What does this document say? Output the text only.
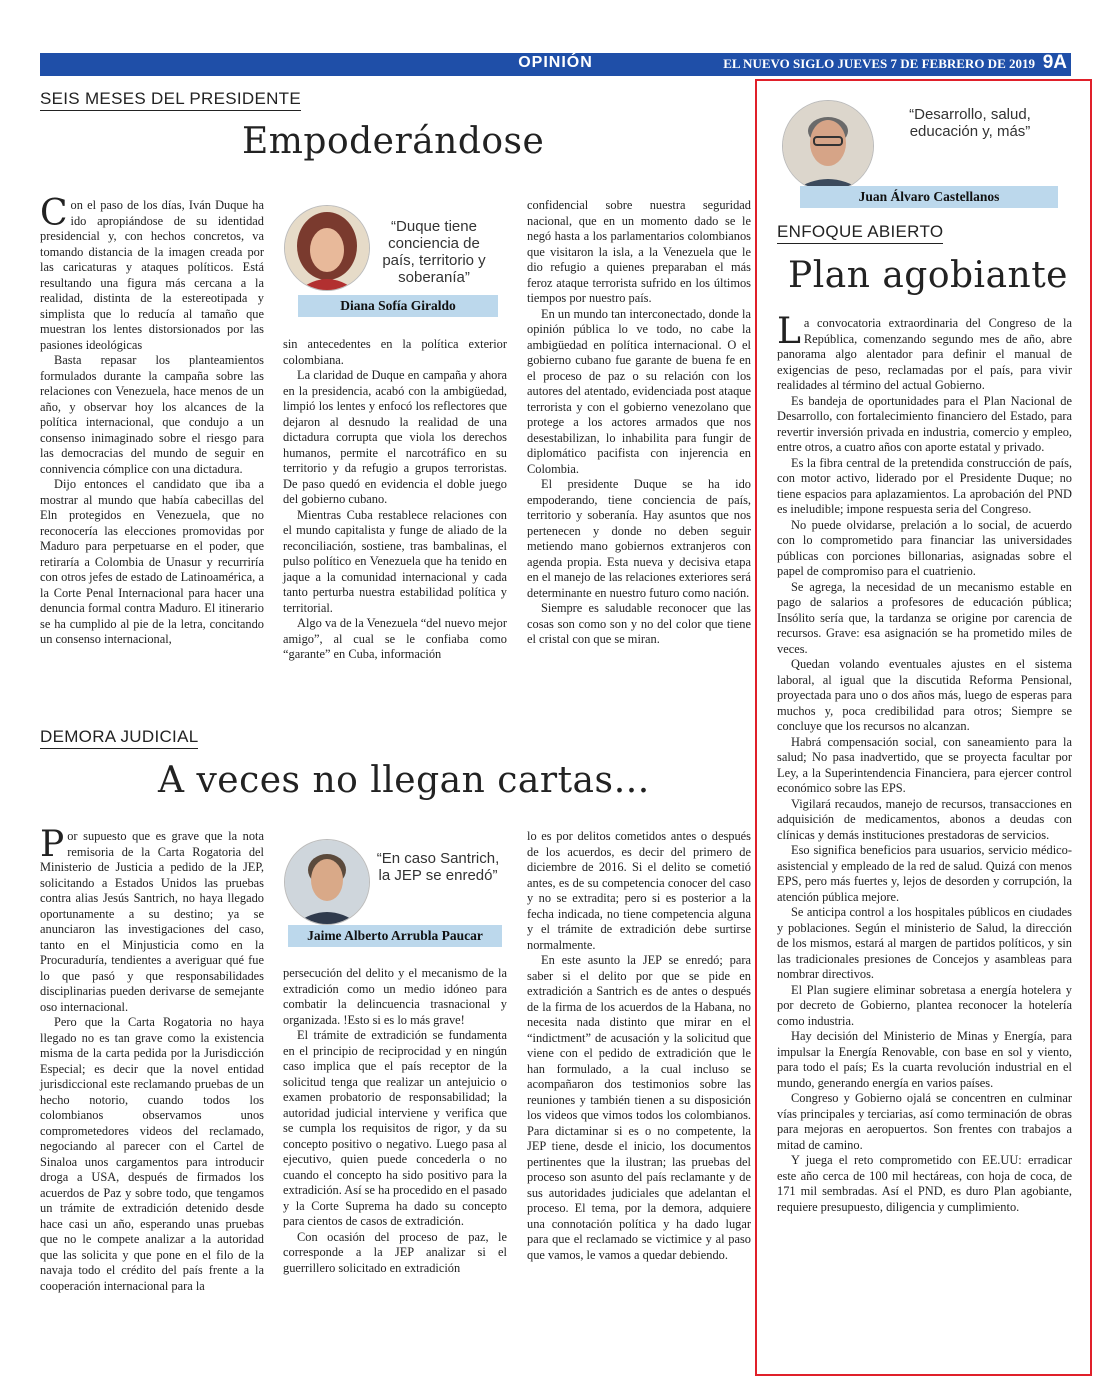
OPINIÓN	EL NUEVO SIGLO JUEVES 7 DE FEBRERO DE 2019 9A
SEIS MESES DEL PRESIDENTE
Empoderándose
C on el paso de los días, Iván Duque ha ido apropiándose de su identidad presidencial y, con hechos concretos, va tomando distancia de la imagen creada por las caricaturas y ataques políticos. Está resultando una figura más cercana a la realidad, distinta de la estereotipada y simplista que lo reducía al tamaño que muestran los lentes distorsionados por las pasiones ideológicas

Basta repasar los planteamientos formulados durante la campaña sobre las relaciones con Venezuela, hace menos de un año, y observar hoy los alcances de la política internacional, que condujo a un consenso inimaginado sobre el riesgo para las democracias del mundo de seguir en connivencia cómplice con una dictadura.

Dijo entonces el candidato que iba a mostrar al mundo que había cabecillas del Eln protegidos en Venezuela, que no reconocería las elecciones promovidas por Maduro para perpetuarse en el poder, que retiraría a Colombia de Unasur y recurriría con otros jefes de estado de Latinoamérica, a la Corte Penal Internacional para hacer una denuncia formal contra Maduro. El itinerario se ha cumplido al pie de la letra, concitando un consenso internacional,

“Duque tiene conciencia de país, territorio y soberanía”
Diana Sofía Giraldo

sin antecedentes en la política exterior colombiana.

La claridad de Duque en campaña y ahora en la presidencia, acabó con la ambigüedad, limpió los lentes y enfocó los reflectores que dejaron al desnudo la realidad de una dictadura corrupta que viola los derechos humanos, permite el narcotráfico en su territorio y da refugio a grupos terroristas. De paso quedó en evidencia el doble juego del gobierno cubano.

Mientras Cuba restablece relaciones con el mundo capitalista y funge de aliado de la reconciliación, sostiene, tras bambalinas, el pulso político en Venezuela que ha tenido en jaque a la comunidad internacional y cada tanto perturba nuestra estabilidad política y territorial.

Algo va de la Venezuela “del nuevo mejor amigo”, al cual se le confiaba como “garante” en Cuba, información

confidencial sobre nuestra seguridad nacional, que en un momento dado se le negó hasta a los parlamentarios colombianos que visitaron la isla, a la Venezuela que le dio refugio a quienes preparaban el más feroz ataque terrorista sufrido en los últimos tiempos por nuestro país.

En un mundo tan interconectado, donde la opinión pública lo ve todo, no cabe la ambigüedad en política internacional. O el gobierno cubano fue garante de buena fe en el proceso de paz o su relación con los autores del atentado, evidenciada post ataque terrorista y con el gobierno venezolano que protege a los actores armados que nos desestabilizan, lo inhabilita para fungir de diplomático pacifista con injerencia en Colombia.

El presidente Duque se ha ido empoderando, tiene conciencia de país, territorio y soberanía. Hay asuntos que nos pertenecen y donde no deben seguir metiendo mano gobiernos extranjeros con agenda propia. Esta nueva y decisiva etapa en el manejo de las relaciones exteriores será determinante en nuestro futuro como nación.

Siempre es saludable reconocer que las cosas son como son y no del color que tiene el cristal con que se miran.

DEMORA JUDICIAL
A veces no llegan cartas…
P or supuesto que es grave que la nota remisoria de la Carta Rogatoria del Ministerio de Justicia a pedido de la JEP, solicitando a Estados Unidos las pruebas contra alias Jesús Santrich, no haya llegado oportunamente a su destino; ya se anunciaron las investigaciones del caso, tanto en el Minjusticia como en la Procuraduría, tendientes a averiguar qué fue lo que pasó y que responsabilidades disciplinarias pueden derivarse de semejante oso internacional.

Pero que la Carta Rogatoria no haya llegado no es tan grave como la existencia misma de la carta pedida por la Jurisdicción Especial; es decir que la novel entidad jurisdiccional este reclamando pruebas de un hecho notorio, cuando todos los colombianos observamos unos comprometedores videos del reclamado, negociando al parecer con el Cartel de Sinaloa unos cargamentos para introducir droga a USA, después de firmados los acuerdos de Paz y sobre todo, que tengamos un trámite de extradición detenido desde hace casi un año, esperando unas pruebas que no le compete analizar a la autoridad que las solicita y que pone en el filo de la navaja todo el crédito del país frente a la cooperación internacional para la

“En caso Santrich, la JEP se enredó”
Jaime Alberto Arrubla Paucar

persecución del delito y el mecanismo de la extradición como un medio idóneo para combatir la delincuencia trasnacional y organizada. !Esto si es lo más grave!

El trámite de extradición se fundamenta en el principio de reciprocidad y en ningún caso implica que el país receptor de la solicitud tenga que realizar un antejuicio o examen probatorio de responsabilidad; la autoridad judicial interviene y verifica que se cumpla los requisitos de rigor, y da su concepto positivo o negativo. Luego pasa al ejecutivo, quien puede concederla o no cuando el concepto ha sido positivo para la extradición. Así se ha procedido en el pasado y la Corte Suprema ha dado su concepto para cientos de casos de extradición.

Con ocasión del proceso de paz, le corresponde a la JEP analizar si el guerrillero solicitado en extradición

lo es por delitos cometidos antes o después de los acuerdos, es decir del primero de diciembre de 2016. Si el delito se cometió antes, es de su competencia conocer del caso y no se extradita; pero si es posterior a la fecha indicada, no tiene competencia alguna y el trámite de extradición debe surtirse normalmente.

En este asunto la JEP se enredó; para saber si el delito por que se pide en extradición a Santrich es de antes o después de la firma de los acuerdos de la Habana, no necesita nada distinto que mirar en el “indictment” de acusación y la solicitud que viene con el pedido de extradición que le han formulado, a la cual incluso se acompañaron dos testimonios sobre las reuniones y también tienen a su disposición los videos que vimos todos los colombianos. Para dictaminar si es o no competente, la JEP tiene, desde el inicio, los documentos pertinentes que la ilustran; las pruebas del proceso son asunto del país reclamante y de sus autoridades judiciales que adelantan el proceso. El tema, por la demora, adquiere una connotación política y ha dado lugar para que el reclamado se victimice y al paso que vamos, le vamos a quedar debiendo.

“Desarrollo, salud, educación y, más”
Juan Álvaro Castellanos
ENFOQUE ABIERTO
Plan agobiante
L a convocatoria extraordinaria del Congreso de la República, comenzando segundo mes de año, abre panorama algo alentador para definir el manual de exigencias de peso, reclamadas por el país, para vivir realidades al término del actual Gobierno.

Es bandeja de oportunidades para el Plan Nacional de Desarrollo, con fortalecimiento financiero del Estado, para revertir inversión privada en industria, comercio y empleo, entre otros, a cuatro años con aporte estatal y privado.

Es la fibra central de la pretendida construcción de país, con motor activo, liderado por el Presidente Duque; no tiene espacios para aplazamientos. La aprobación del PND es ineludible; impone respuesta seria del Congreso.

No puede olvidarse, prelación a lo social, de acuerdo con lo comprometido para financiar las universidades públicas con porciones billonarias, asignadas sobre el papel de compromiso para el cuatrienio.

Se agrega, la necesidad de un mecanismo estable en pago de salarios a profesores de educación pública; Insólito sería que, la tardanza se origine por carencia de recursos. Grave: esa asignación se ha prometido miles de veces.

Quedan volando eventuales ajustes en el sistema laboral, al igual que la discutida Reforma Pensional, proyectada para uno o dos años más, luego de esperas para muchos y, poca credibilidad para otros; Siempre se concluye que los recursos no alcanzan.

Habrá compensación social, con saneamiento para la salud; No pasa inadvertido, que se proyecta facultar por Ley, a la Superintendencia Financiera, para ejercer control económico sobre las EPS.

Vigilará recaudos, manejo de recursos, transacciones en adquisición de medicamentos, abonos a deudas con clínicas y demás instituciones prestadoras de servicios.

Eso significa beneficios para usuarios, servicio médico-asistencial y empleado de la red de salud. Quizá con menos EPS, pero más fuertes y, lejos de desorden y corrupción, la atención pública mejore.

Se anticipa control a los hospitales públicos en ciudades y poblaciones. Según el ministerio de Salud, la dirección de los mismos, estará al margen de partidos políticos, y sin las tradicionales presiones de Concejos y asambleas para nombrar directivos.

El Plan sugiere eliminar sobretasa a energía hotelera y por decreto de Gobierno, plantea reconocer la hotelería como industria.

Hay decisión del Ministerio de Minas y Energía, para impulsar la Energía Renovable, con base en sol y viento, para todo el país; Es la cuarta revolución industrial en el mundo, generando energía en varios países.

Congreso y Gobierno ojalá se concentren en culminar vías principales y terciarias, así como terminación de obras para mejoras en aeropuertos. Son frentes con trabajos a mitad de camino.

Y juega el reto comprometido con EE.UU: erradicar este año cerca de 100 mil hectáreas, con hoja de coca, de 171 mil sembradas. Así el PND, es duro Plan agobiante, requiere presupuesto, diligencia y cumplimiento.
